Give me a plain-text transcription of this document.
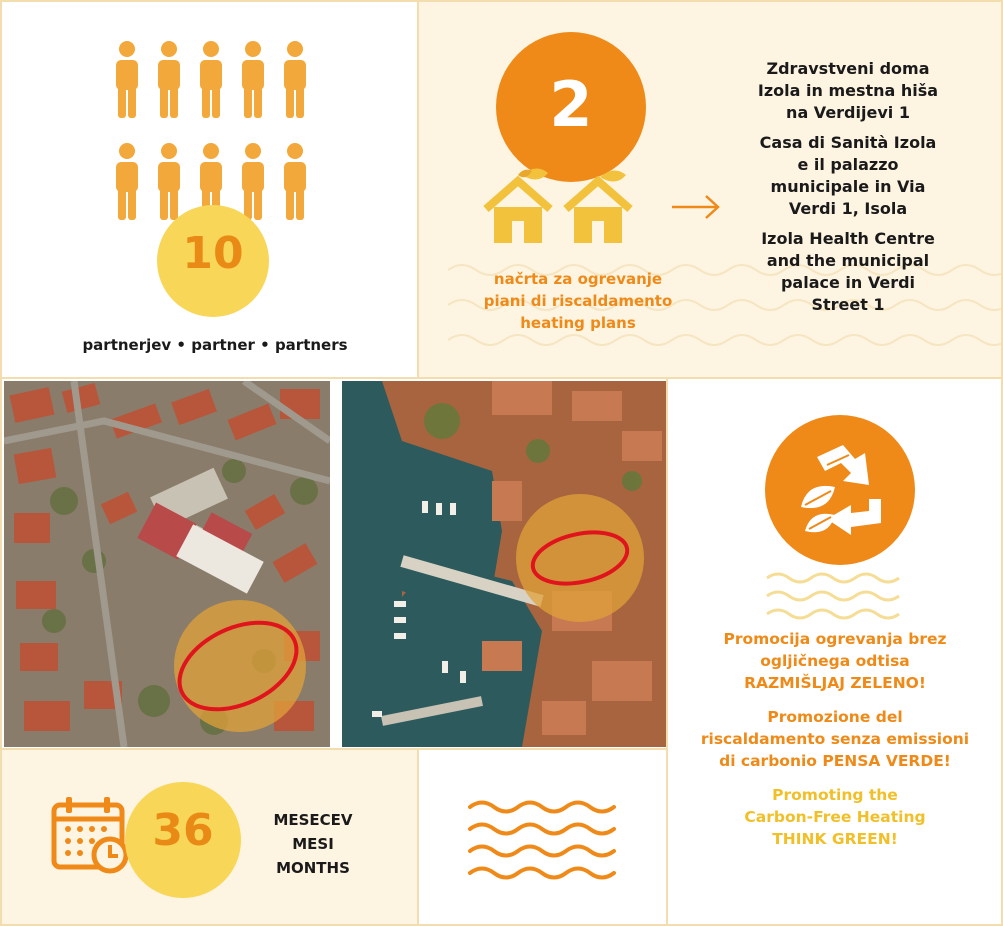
10
partnerjev • partner • partners
2
načrta za ogrevanje
piani di riscaldamento
heating plans

Zdravstveni doma
Izola in mestna hiša
na Verdijevi 1

Casa di Sanità Izola
e il palazzo
municipale in Via
Verdi 1, Isola

Izola Health Centre
and the municipal
palace in Verdi
Street 1

Promocija ogrevanja brez
ogljičnega odtisa
RAZMIŠLJAJ ZELENO!
Promozione del
riscaldamento senza emissioni
di carbonio PENSA VERDE!
Promoting the
Carbon-Free Heating
THINK GREEN!
36	MESECEV
MESI
MONTHS
